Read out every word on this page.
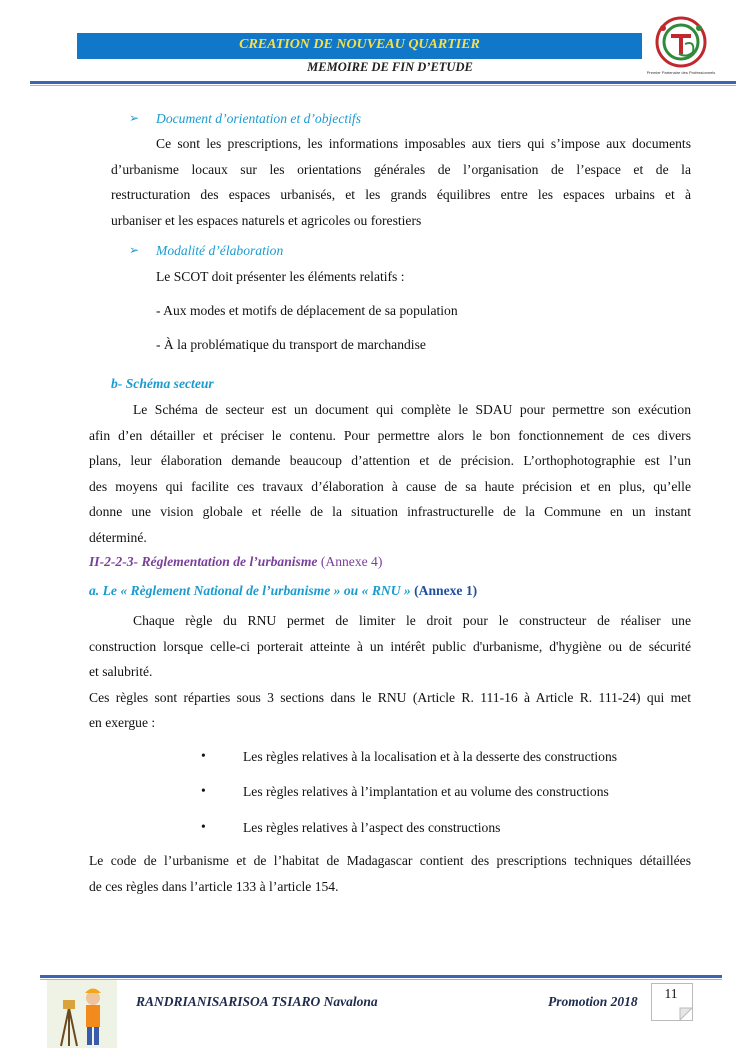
CREATION DE NOUVEAU QUARTIER
MEMOIRE DE FIN D’ETUDE	Premier Partenaire des Professionnels
➢ Document d’orientation et d’objectifs
Ce sont les prescriptions, les informations imposables aux tiers qui s’impose aux documents
d’urbanisme locaux sur les orientations générales de l’organisation de l’espace et de la
restructuration des espaces urbanisés, et les grands équilibres entre les espaces urbains et à
urbaniser et les espaces naturels et agricoles ou forestiers
➢ Modalité d’élaboration
Le SCOT doit présenter les éléments relatifs :
- Aux modes et motifs de déplacement de sa population
- À la problématique du transport de marchandise
b- Schéma secteur
Le Schéma de secteur est un document qui complète le SDAU pour permettre son exécution
afin d’en détailler et préciser le contenu. Pour permettre alors le bon fonctionnement de ces divers
plans, leur élaboration demande beaucoup d’attention et de précision. L’orthophotographie est l’un
des moyens qui facilite ces travaux d’élaboration à cause de sa haute précision et en plus, qu’elle
donne une vision globale et réelle de la situation infrastructurelle de la Commune en un instant
déterminé.
II-2-2-3- Réglementation de l’urbanisme (Annexe 4)
a. Le « Règlement National de l’urbanisme » ou « RNU » (Annexe 1)
Chaque règle du RNU permet de limiter le droit pour le constructeur de réaliser une
construction lorsque celle-ci porterait atteinte à un intérêt public d'urbanisme, d'hygiène ou de sécurité
et salubrité.
Ces règles sont réparties sous 3 sections dans le RNU (Article R. 111-16 à Article R. 111-24) qui met
en exergue :
•	Les règles relatives à la localisation et à la desserte des constructions
•	Les règles relatives à l’implantation et au volume des constructions
•	Les règles relatives à l’aspect des constructions
Le code de l’urbanisme et de l’habitat de Madagascar contient des prescriptions techniques détaillées
de ces règles dans l’article 133 à l’article 154.
RANDRIANISARISOA TSIARO Navalona	Promotion 2018
11
